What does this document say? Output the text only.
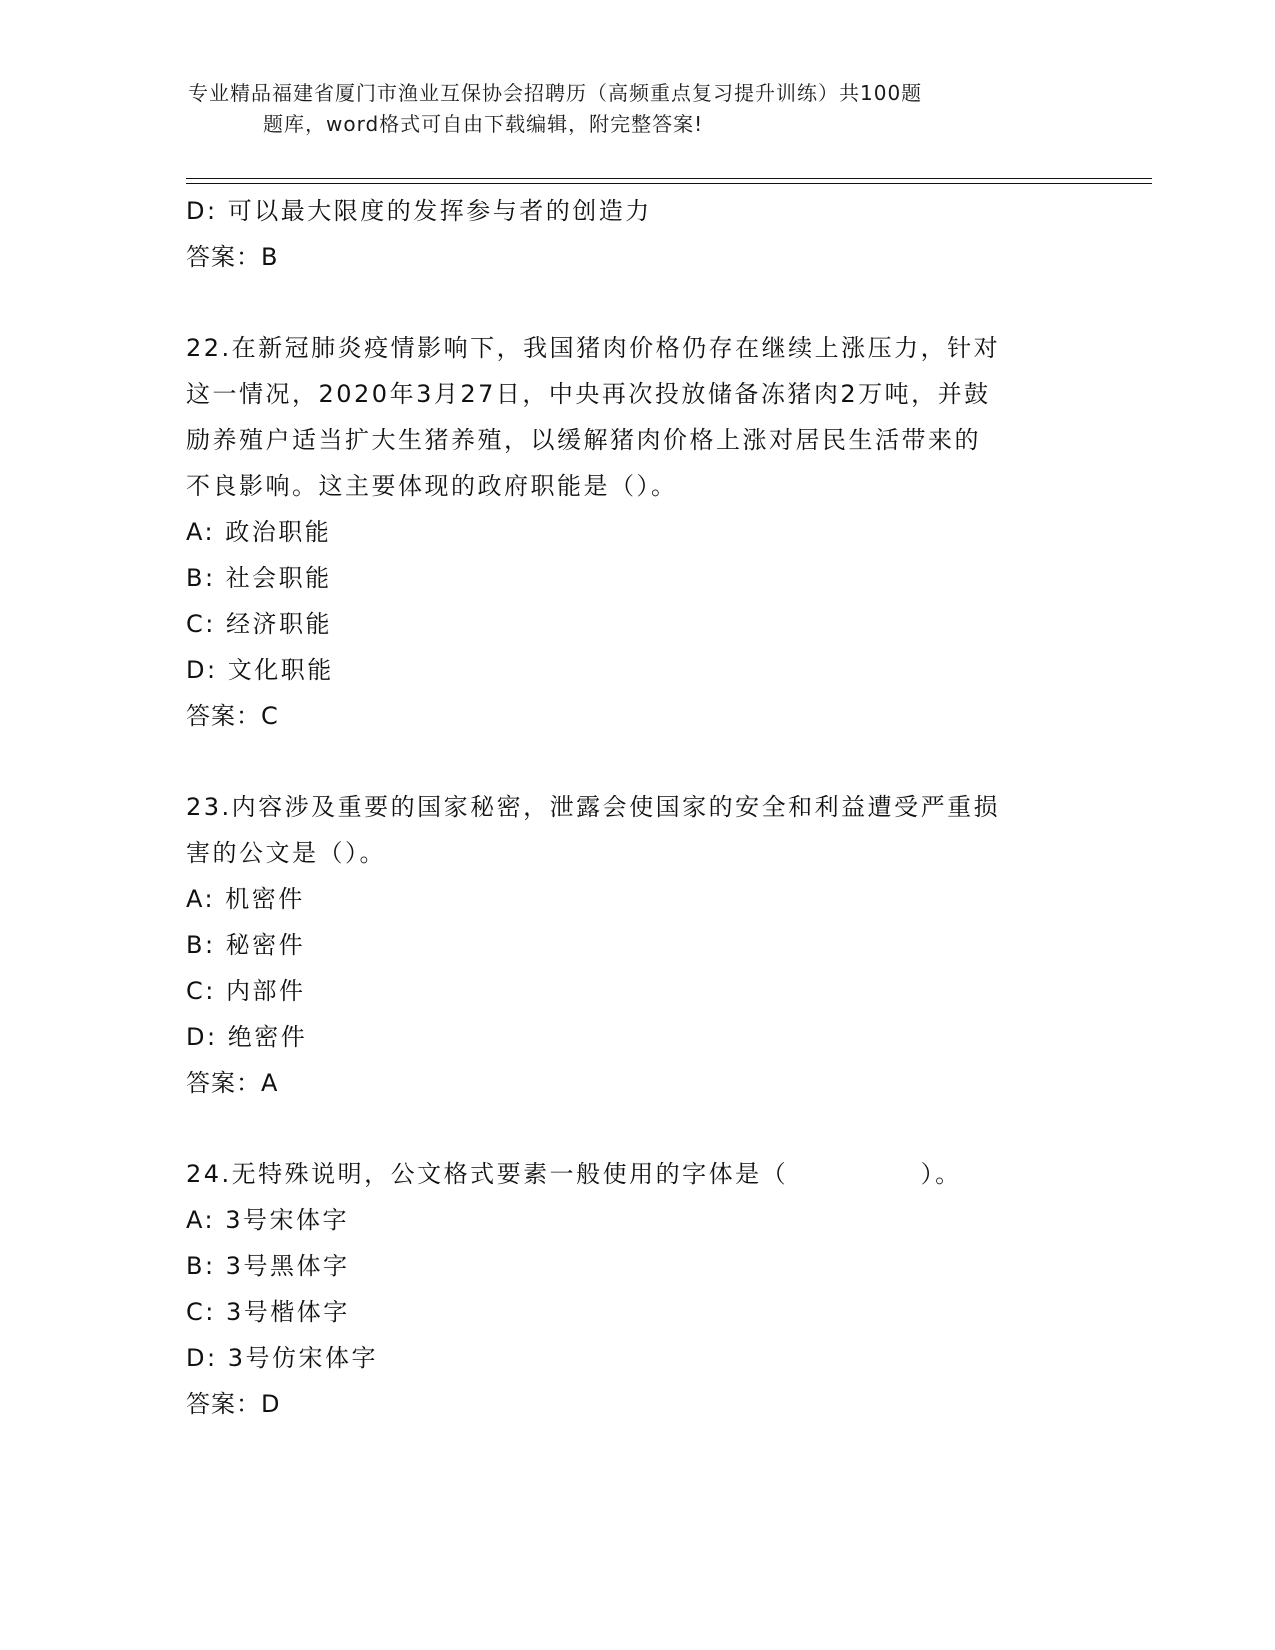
专业精品福建省厦门市渔业互保协会招聘历（高频重点复习提升训练）共100题
题库，word格式可自由下载编辑，附完整答案!
D: 可以最大限度的发挥参与者的创造力
答案：B
22.在新冠肺炎疫情影响下，我国猪肉价格仍存在继续上涨压力，针对
这一情况，2020年3月27日，中央再次投放储备冻猪肉2万吨，并鼓
励养殖户适当扩大生猪养殖，以缓解猪肉价格上涨对居民生活带来的
不良影响。这主要体现的政府职能是（）。
A: 政治职能
B: 社会职能
C: 经济职能
D: 文化职能
答案：C
23.内容涉及重要的国家秘密，泄露会使国家的安全和利益遭受严重损
害的公文是（）。
A: 机密件
B: 秘密件
C: 内部件
D: 绝密件
答案：A
24.无特殊说明，公文格式要素一般使用的字体是（　　　　　）。
A: 3号宋体字
B: 3号黑体字
C: 3号楷体字
D: 3号仿宋体字
答案：D
